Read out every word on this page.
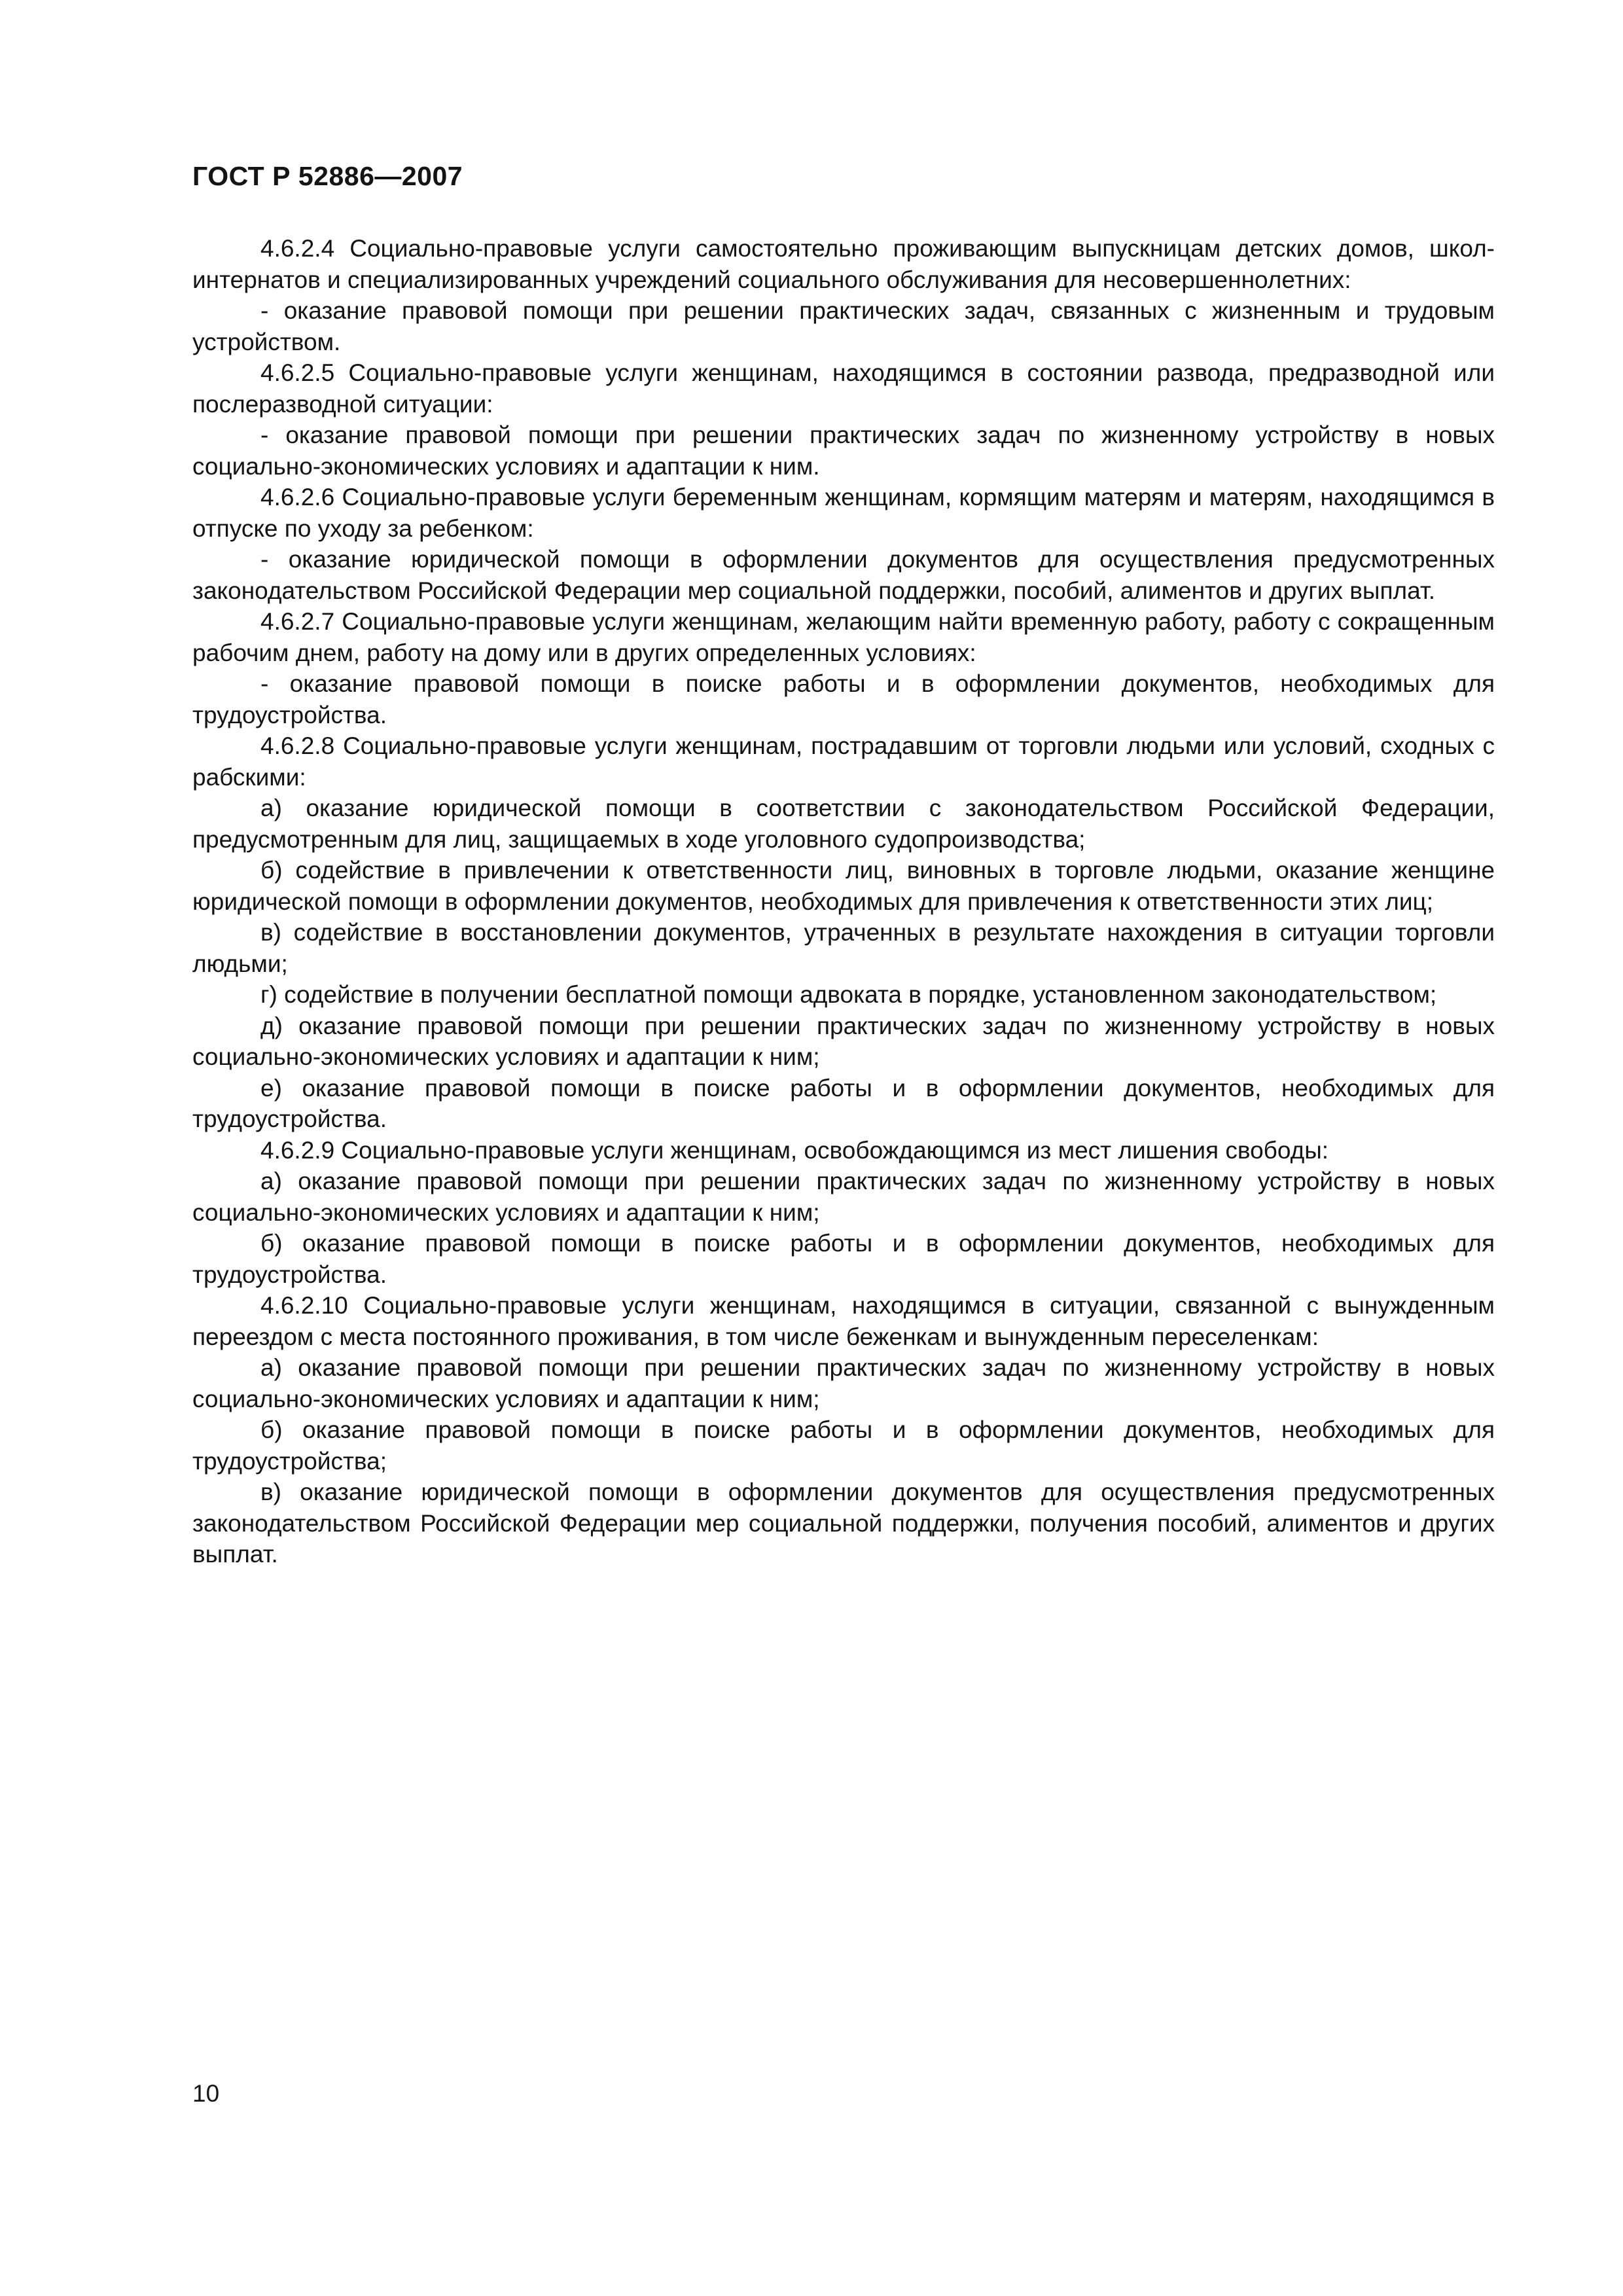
ГОСТ Р 52886—2007

4.6.2.4 Социально-правовые услуги самостоятельно проживающим выпускницам детских домов, школ-интернатов и специализированных учреждений социального обслуживания для несовершеннолетних:

- оказание правовой помощи при решении практических задач, связанных с жизненным и трудовым устройством.

4.6.2.5 Социально-правовые услуги женщинам, находящимся в состоянии развода, предразводной или послеразводной ситуации:

- оказание правовой помощи при решении практических задач по жизненному устройству в новых социально-экономических условиях и адаптации к ним.

4.6.2.6 Социально-правовые услуги беременным женщинам, кормящим матерям и матерям, находящимся в отпуске по уходу за ребенком:

- оказание юридической помощи в оформлении документов для осуществления предусмотренных законодательством Российской Федерации мер социальной поддержки, пособий, алиментов и других выплат.

4.6.2.7 Социально-правовые услуги женщинам, желающим найти временную работу, работу с сокращенным рабочим днем, работу на дому или в других определенных условиях:

- оказание правовой помощи в поиске работы и в оформлении документов, необходимых для трудоустройства.

4.6.2.8 Социально-правовые услуги женщинам, пострадавшим от торговли людьми или условий, сходных с рабскими:

а) оказание юридической помощи в соответствии с законодательством Российской Федерации, предусмотренным для лиц, защищаемых в ходе уголовного судопроизводства;

б) содействие в привлечении к ответственности лиц, виновных в торговле людьми, оказание женщине юридической помощи в оформлении документов, необходимых для привлечения к ответственности этих лиц;

в) содействие в восстановлении документов, утраченных в результате нахождения в ситуации торговли людьми;

г) содействие в получении бесплатной помощи адвоката в порядке, установленном законодательством;

д) оказание правовой помощи при решении практических задач по жизненному устройству в новых социально-экономических условиях и адаптации к ним;

е) оказание правовой помощи в поиске работы и в оформлении документов, необходимых для трудоустройства.

4.6.2.9 Социально-правовые услуги женщинам, освобождающимся из мест лишения свободы:

а) оказание правовой помощи при решении практических задач по жизненному устройству в новых социально-экономических условиях и адаптации к ним;

б) оказание правовой помощи в поиске работы и в оформлении документов, необходимых для трудоустройства.

4.6.2.10 Социально-правовые услуги женщинам, находящимся в ситуации, связанной с вынужденным переездом с места постоянного проживания, в том числе беженкам и вынужденным переселенкам:

а) оказание правовой помощи при решении практических задач по жизненному устройству в новых социально-экономических условиях и адаптации к ним;

б) оказание правовой помощи в поиске работы и в оформлении документов, необходимых для трудоустройства;

в) оказание юридической помощи в оформлении документов для осуществления предусмотренных законодательством Российской Федерации мер социальной поддержки, получения пособий, алиментов и других выплат.

10
